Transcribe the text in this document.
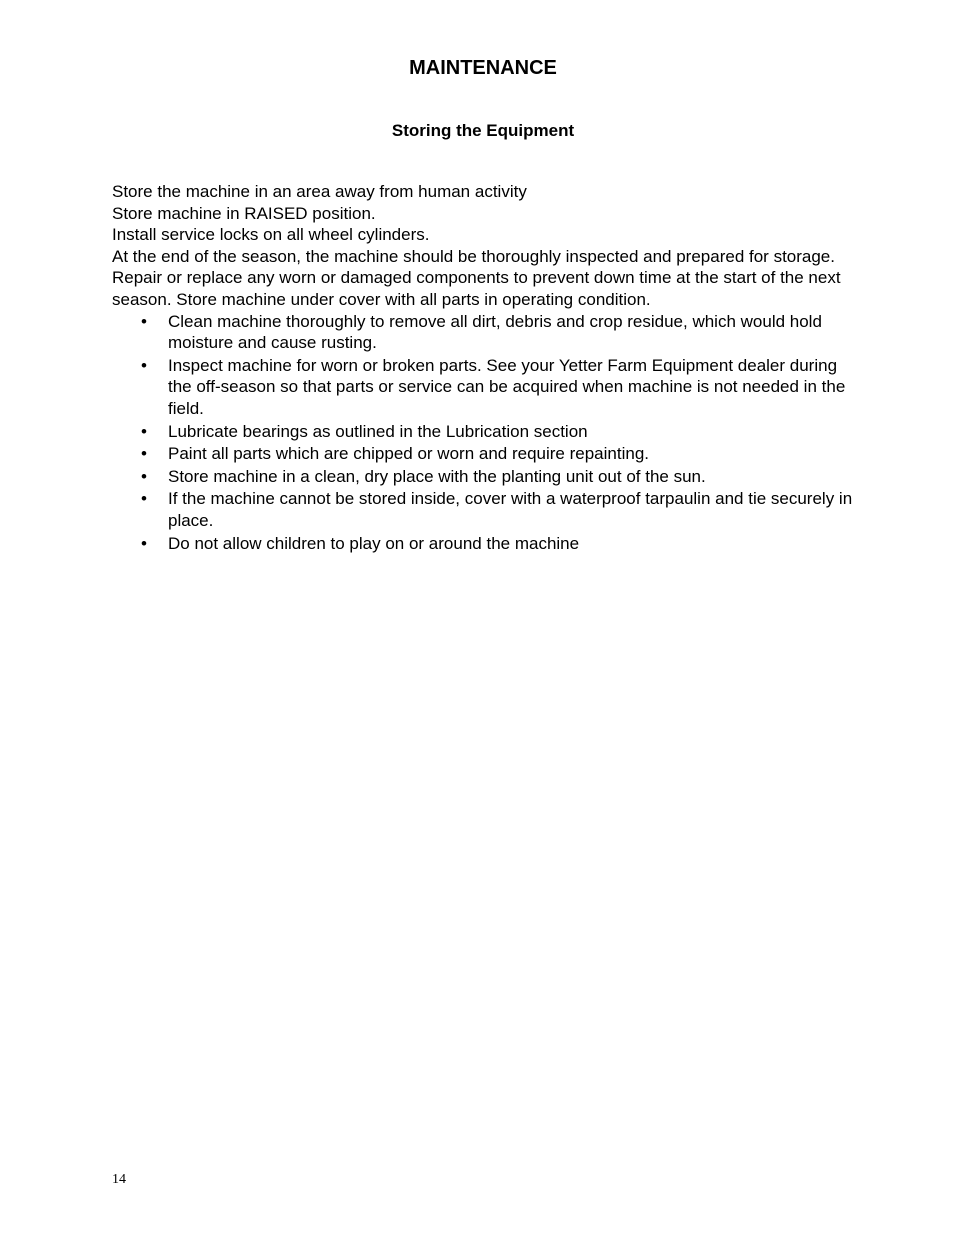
MAINTENANCE
Storing the Equipment
Store the machine in an area away from human activity
Store machine in RAISED position.
Install service locks on all wheel cylinders.
At the end of the season, the machine should be thoroughly inspected and prepared for storage. Repair or replace any worn or damaged components to prevent down time at the start of the next season. Store machine under cover with all parts in operating condition.
• Clean machine thoroughly to remove all dirt, debris and crop residue, which would hold moisture and cause rusting.
• Inspect machine for worn or broken parts. See your Yetter Farm Equipment dealer during the off-season so that parts or service can be acquired when machine is not needed in the field.
• Lubricate bearings as outlined in the Lubrication section
• Paint all parts which are chipped or worn and require repainting.
• Store machine in a clean, dry place with the planting unit out of the sun.
• If the machine cannot be stored inside, cover with a waterproof tarpaulin and tie securely in place.
• Do not allow children to play on or around the machine
14
